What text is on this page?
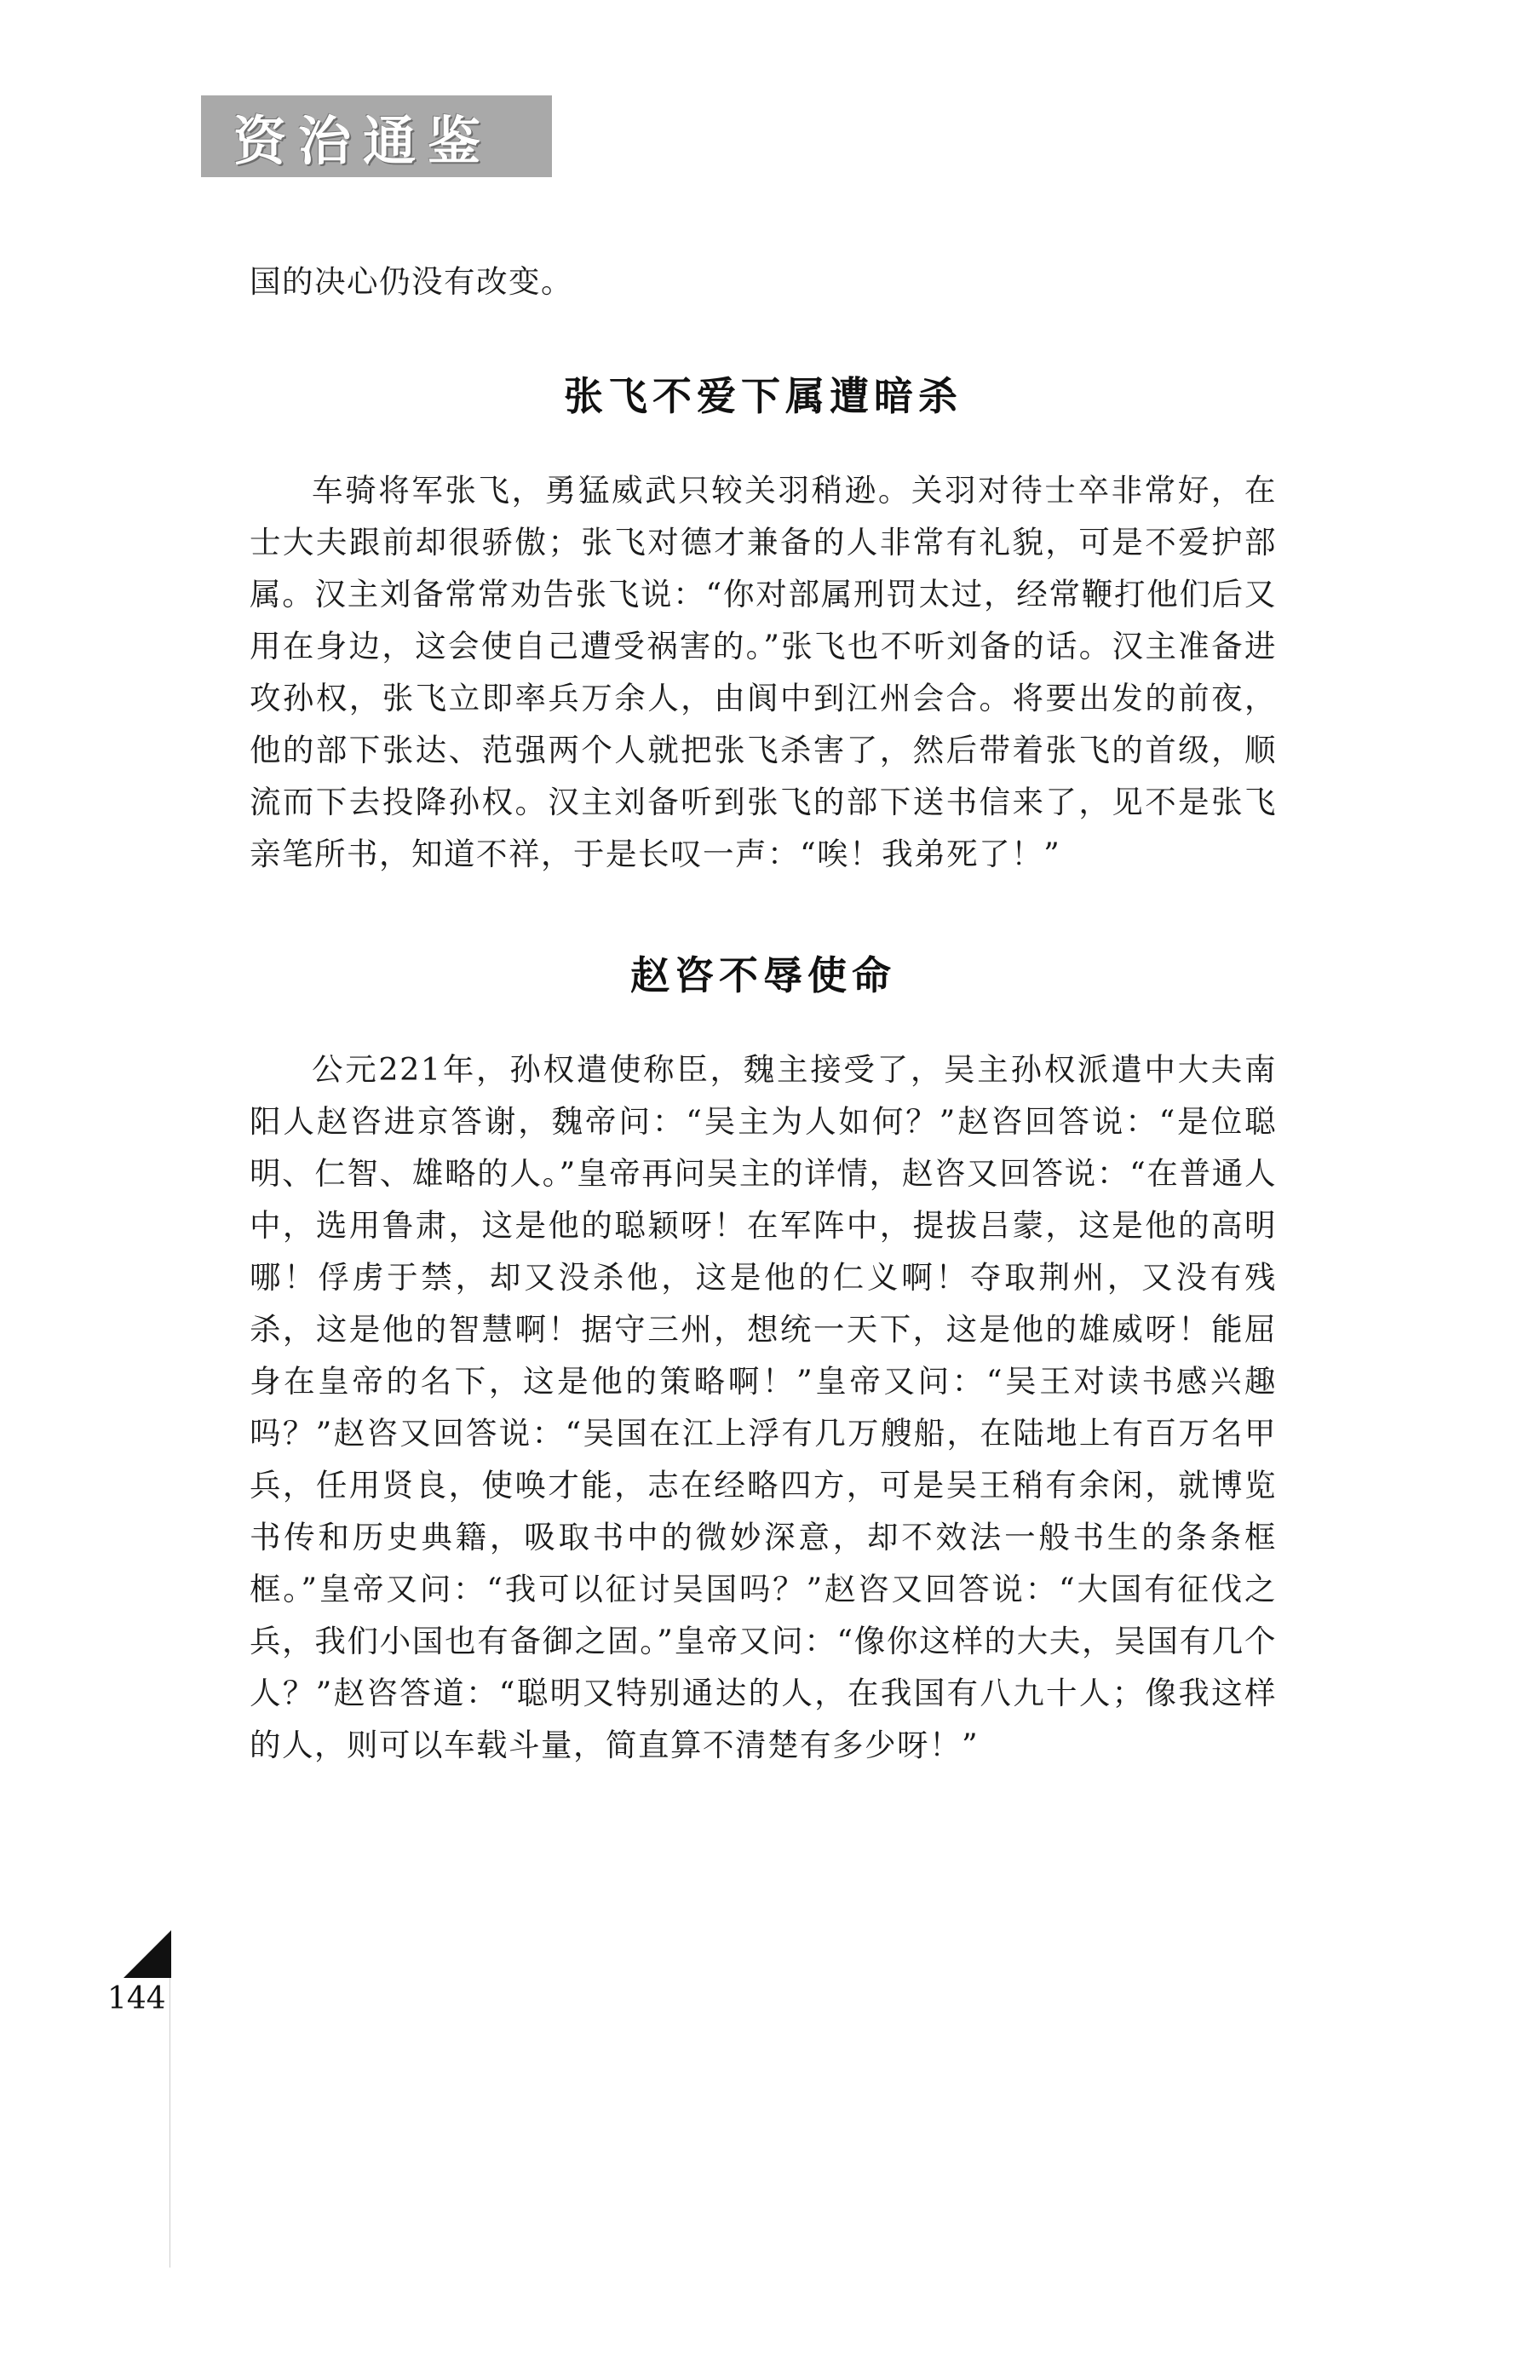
资治通鉴

国的决心仍没有改变。

张飞不爱下属遭暗杀

车骑将军张飞，勇猛威武只较关羽稍逊。关羽对待士卒非常好，在士大夫跟前却很骄傲；张飞对德才兼备的人非常有礼貌，可是不爱护部属。汉主刘备常常劝告张飞说：“你对部属刑罚太过，经常鞭打他们后又用在身边，这会使自己遭受祸害的。”张飞也不听刘备的话。汉主准备进攻孙权，张飞立即率兵万余人，由阆中到江州会合。将要出发的前夜，他的部下张达、范强两个人就把张飞杀害了，然后带着张飞的首级，顺流而下去投降孙权。汉主刘备听到张飞的部下送书信来了，见不是张飞亲笔所书，知道不祥，于是长叹一声：“唉！我弟死了！”

赵咨不辱使命

公元221年，孙权遣使称臣，魏主接受了，吴主孙权派遣中大夫南阳人赵咨进京答谢，魏帝问：“吴主为人如何？”赵咨回答说：“是位聪明、仁智、雄略的人。”皇帝再问吴主的详情，赵咨又回答说：“在普通人中，选用鲁肃，这是他的聪颖呀！在军阵中，提拔吕蒙，这是他的高明哪！俘虏于禁，却又没杀他，这是他的仁义啊！夺取荆州，又没有残杀，这是他的智慧啊！据守三州，想统一天下，这是他的雄威呀！能屈身在皇帝的名下，这是他的策略啊！”皇帝又问：“吴王对读书感兴趣吗？”赵咨又回答说：“吴国在江上浮有几万艘船，在陆地上有百万名甲兵，任用贤良，使唤才能，志在经略四方，可是吴王稍有余闲，就博览书传和历史典籍，吸取书中的微妙深意，却不效法一般书生的条条框框。”皇帝又问：“我可以征讨吴国吗？”赵咨又回答说：“大国有征伐之兵，我们小国也有备御之固。”皇帝又问：“像你这样的大夫，吴国有几个人？”赵咨答道：“聪明又特别通达的人，在我国有八九十人；像我这样的人，则可以车载斗量，简直算不清楚有多少呀！”

144
